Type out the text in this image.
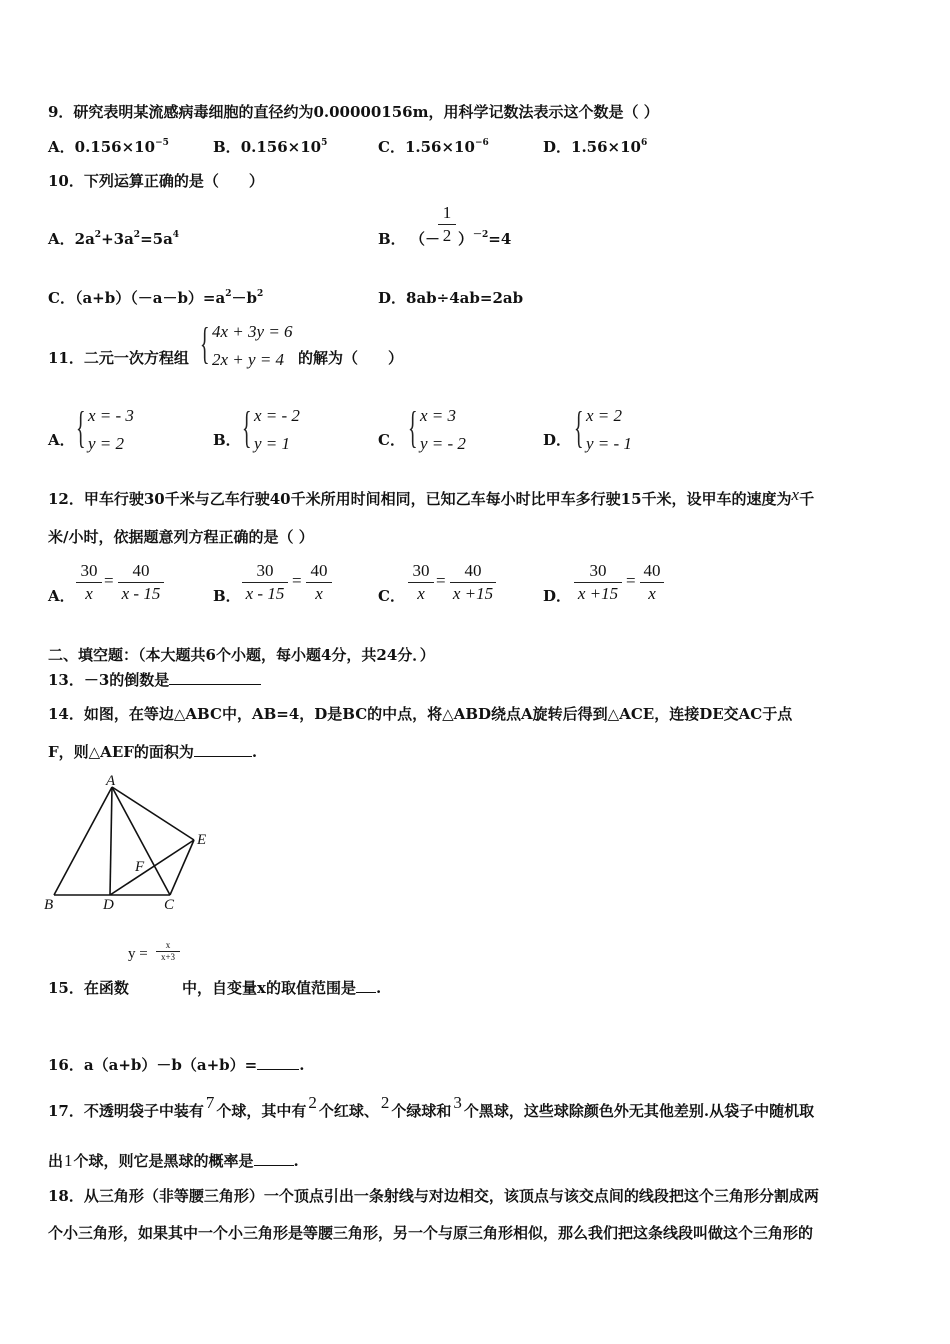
9．研究表明某流感病毒细胞的直径约为0.00000156m，用科学记数法表示这个数是（ ）
A．$0.156\times 10^{-5}$	B．$0.156\times 10^5$	C．$1.56\times 10^{-6}$	D．$1.56\times 10^6$
10．下列运算正确的是（　　）
A．$2a^2+3a^2=5a^4$	B． （－
$\frac{1}{2} )^{-2}=4$
C．$(a+b)(-a-b)=a^2-b^2$	D．8ab÷4ab=2ab
11．二元一次方程组 { 4x + 3y = 6
2x + y = 4 的解为（　　）
A． { x = - 3
y = 2	B． { x = - 2
y = 1	C． { x = 3
y = - 2	D． { x = 2
y = - 1
12．甲车行驶30千米与乙车行驶40千米所用时间相同，已知乙车每小时比甲车多行驶15千米，设甲车的速度为x千
米/小时，依据题意列方程正确的是（ ）
A． $\frac{30}{x} = \frac{40}{x - 15}$	B． $\frac{30}{x - 15} = \frac{40}{x}$	C． $\frac{30}{x} = \frac{40}{x +15}$	D． $\frac{30}{x +15} = \frac{40}{x}$
二、填空题：（本大题共6个小题，每小题4分，共24分．）
13．－3的倒数是
14．如图，在等边△ABC中，AB=4，D是BC的中点，将△ABD绕点A旋转后得到△ACE，连接DE交AC于点
F，则△AEF的面积为	.
A
B	D	C
E
F
$y = \frac{x}{x+3}$
15．在函数	中，自变量x的取值范围是 .
16．a（a+b）－b（a+b）=	.
17．不透明袋子中装有 7 个球，其中有 2 个红球、 2 个绿球和 3 个黑球，这些球除颜色外无其他差别.从袋子中随机取
出1个球，则它是黑球的概率是	.
18．从三角形（非等腰三角形）一个顶点引出一条射线与对边相交，该顶点与该交点间的线段把这个三角形分割成两
个小三角形，如果其中一个小三角形是等腰三角形，另一个与原三角形相似，那么我们把这条线段叫做这个三角形的
